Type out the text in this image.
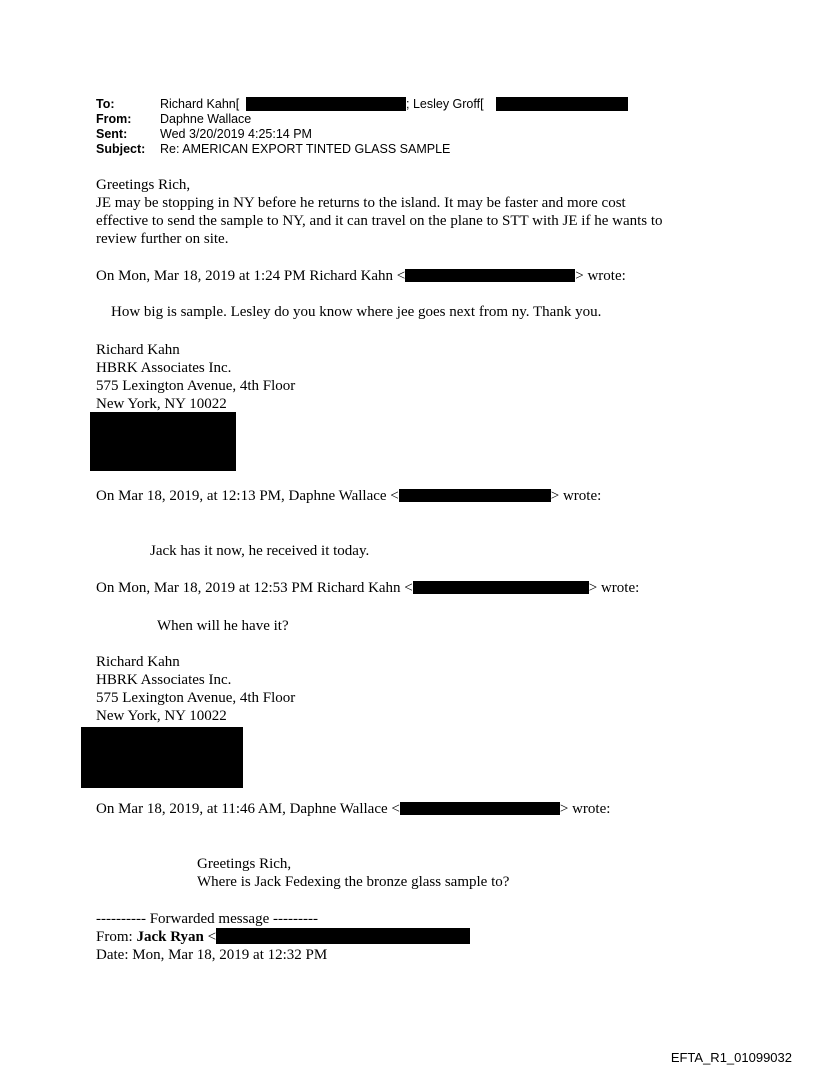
To:	Richard Kahn[	; Lesley Groff[
From: Daphne Wallace
Sent:	Wed 3/20/2019 4:25:14 PM
Subject: Re: AMERICAN EXPORT TINTED GLASS SAMPLE
Greetings Rich,
JE may be stopping in NY before he returns to the island. It may be faster and more cost
effective to send the sample to NY, and it can travel on the plane to STT with JE if he wants to
review further on site.
On Mon, Mar 18, 2019 at 1:24 PM Richard Kahn <	> wrote:
How big is sample. Lesley do you know where jee goes next from ny. Thank you.
Richard Kahn
HBRK Associates Inc.
575 Lexington Avenue, 4th Floor
New York, NY 10022
On Mar 18, 2019, at 12:13 PM, Daphne Wallace <	> wrote:
Jack has it now, he received it today.
On Mon, Mar 18, 2019 at 12:53 PM Richard Kahn <	> wrote:
When will he have it?
Richard Kahn
HBRK Associates Inc.
575 Lexington Avenue, 4th Floor
New York, NY 10022
On Mar 18, 2019, at 11:46 AM, Daphne Wallace <	> wrote:
Greetings Rich,
Where is Jack Fedexing the bronze glass sample to?
---------- Forwarded message ---------
From: Jack Ryan <
Date: Mon, Mar 18, 2019 at 12:32 PM
EFTA_R1_01099032
